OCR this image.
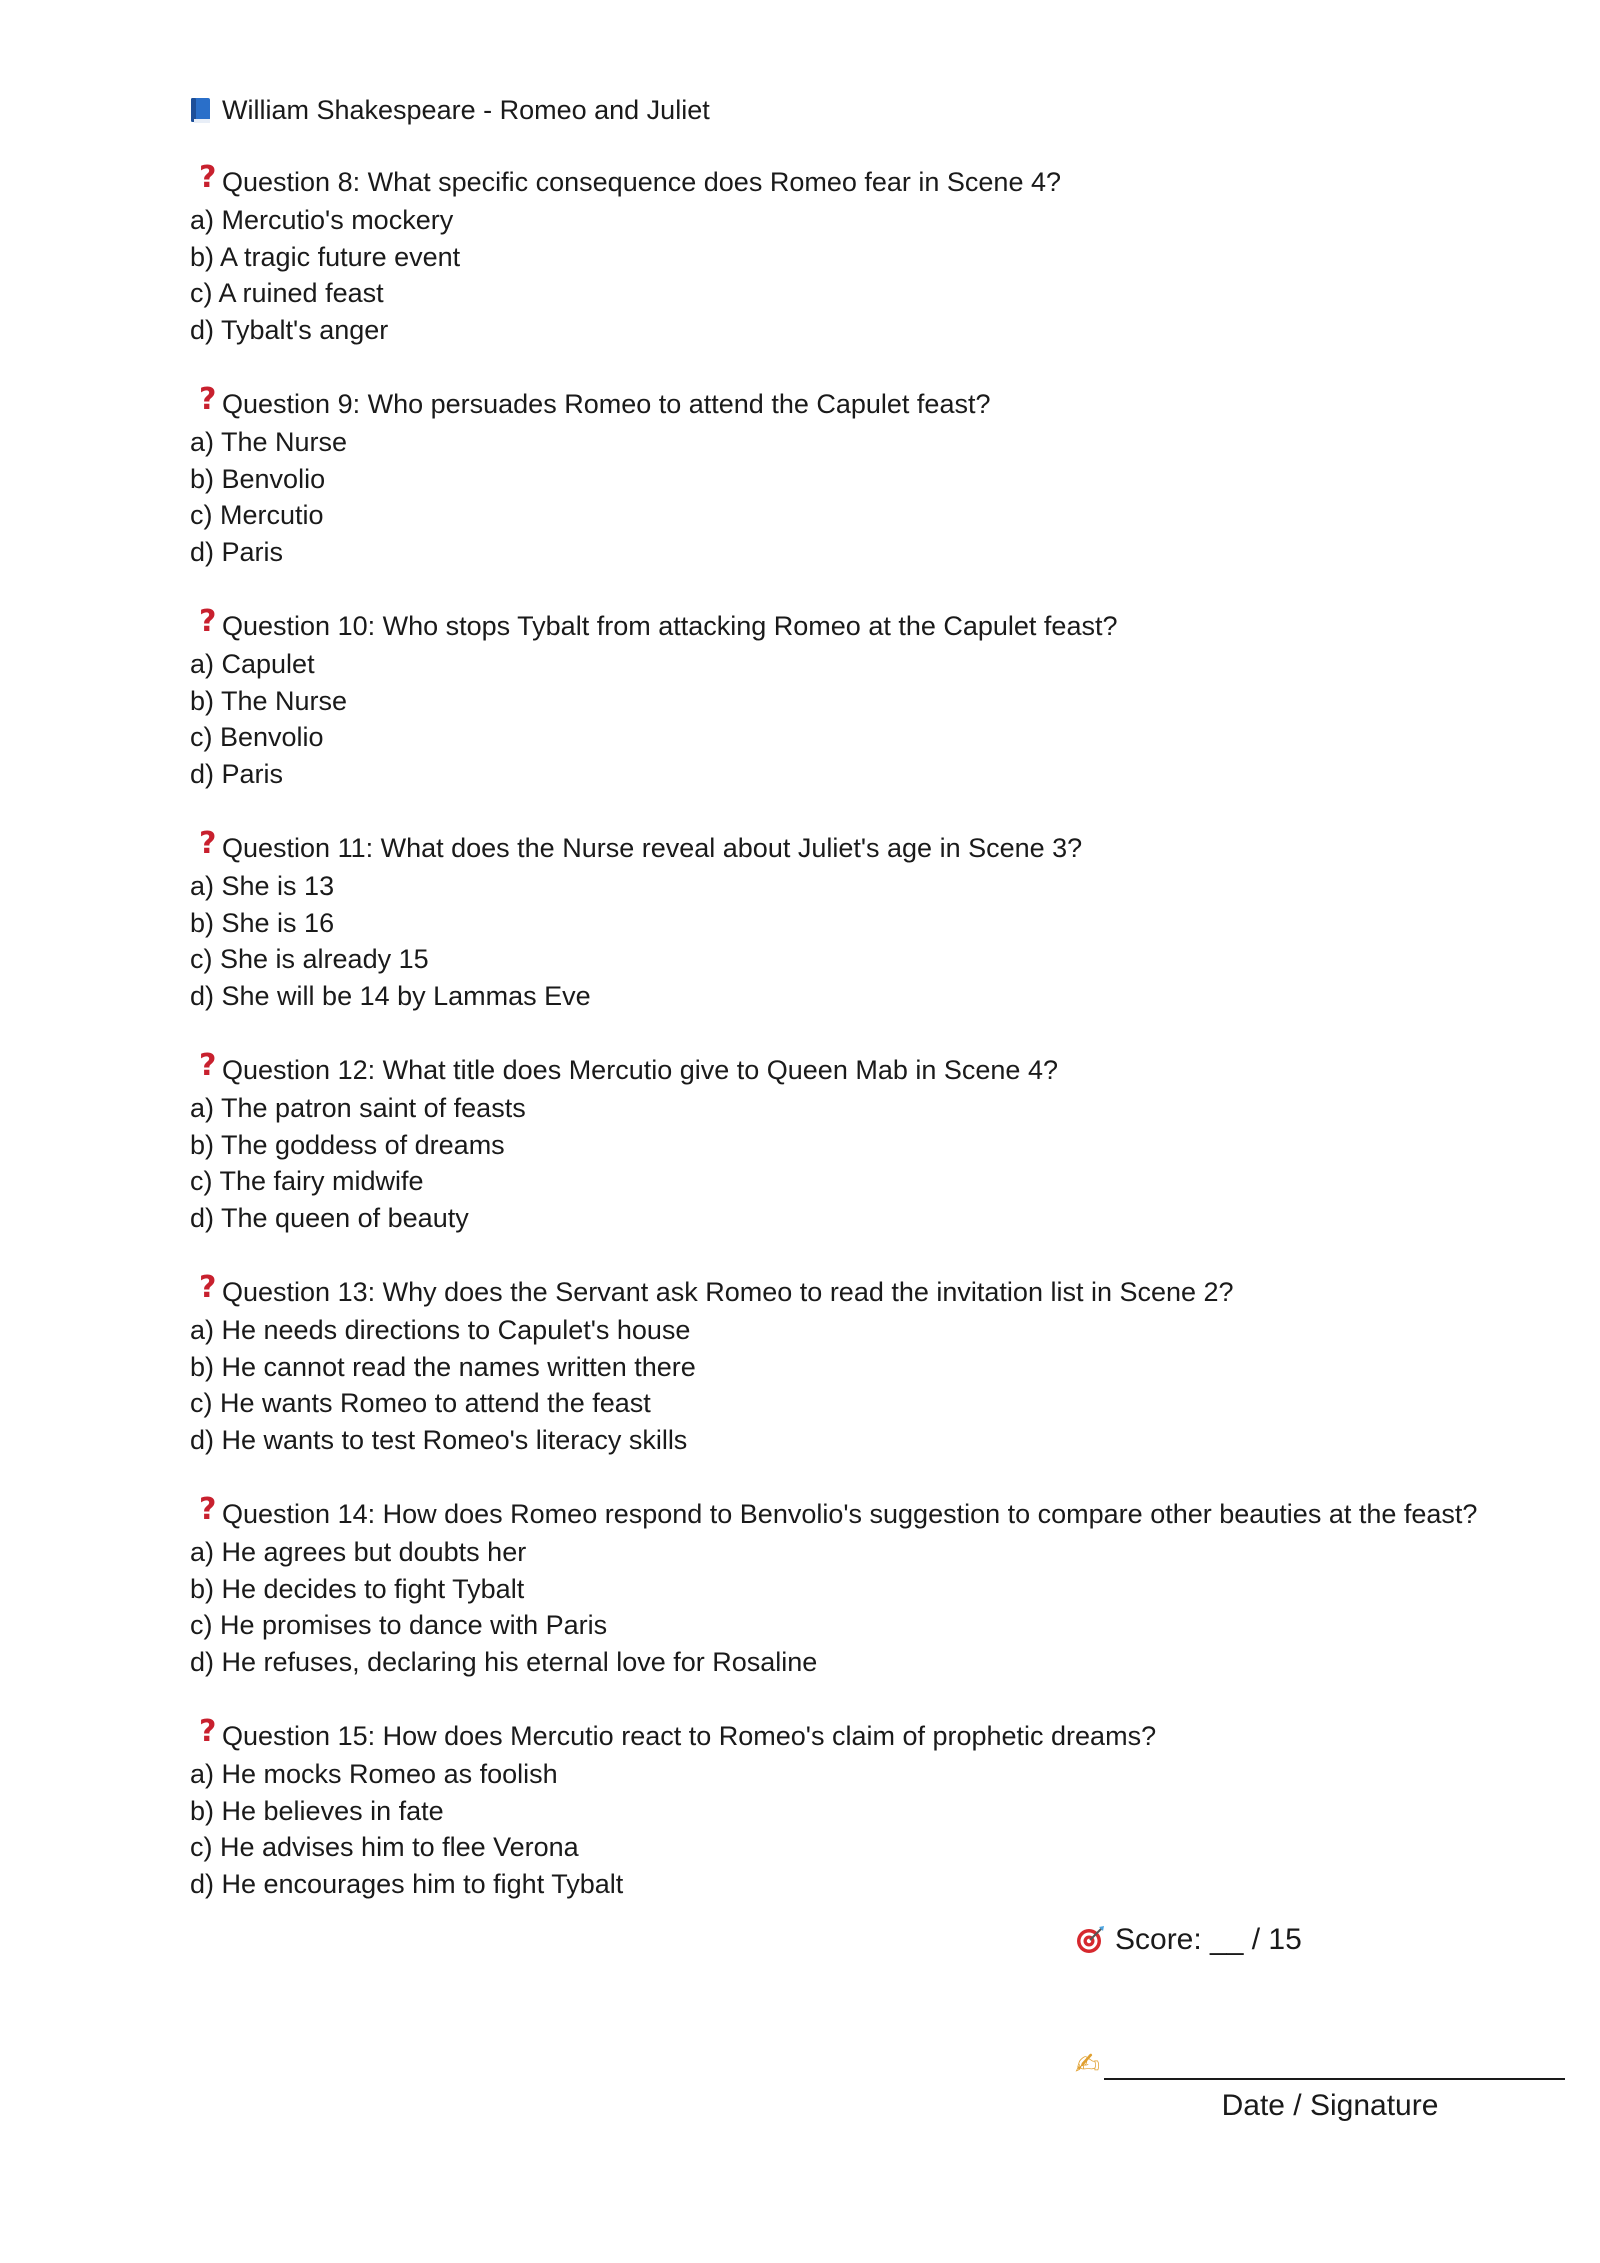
William Shakespeare - Romeo and Juliet
? Question 8: What specific consequence does Romeo fear in Scene 4?
a) Mercutio's mockery
b) A tragic future event
c) A ruined feast
d) Tybalt's anger
? Question 9: Who persuades Romeo to attend the Capulet feast?
a) The Nurse
b) Benvolio
c) Mercutio
d) Paris
? Question 10: Who stops Tybalt from attacking Romeo at the Capulet feast?
a) Capulet
b) The Nurse
c) Benvolio
d) Paris
? Question 11: What does the Nurse reveal about Juliet's age in Scene 3?
a) She is 13
b) She is 16
c) She is already 15
d) She will be 14 by Lammas Eve
? Question 12: What title does Mercutio give to Queen Mab in Scene 4?
a) The patron saint of feasts
b) The goddess of dreams
c) The fairy midwife
d) The queen of beauty
? Question 13: Why does the Servant ask Romeo to read the invitation list in Scene 2?
a) He needs directions to Capulet's house
b) He cannot read the names written there
c) He wants Romeo to attend the feast
d) He wants to test Romeo's literacy skills
? Question 14: How does Romeo respond to Benvolio's suggestion to compare other beauties at the feast?
a) He agrees but doubts her
b) He decides to fight Tybalt
c) He promises to dance with Paris
d) He refuses, declaring his eternal love for Rosaline
? Question 15: How does Mercutio react to Romeo's claim of prophetic dreams?
a) He mocks Romeo as foolish
b) He believes in fate
c) He advises him to flee Verona
d) He encourages him to fight Tybalt
Score: __ / 15
✍
Date / Signature
